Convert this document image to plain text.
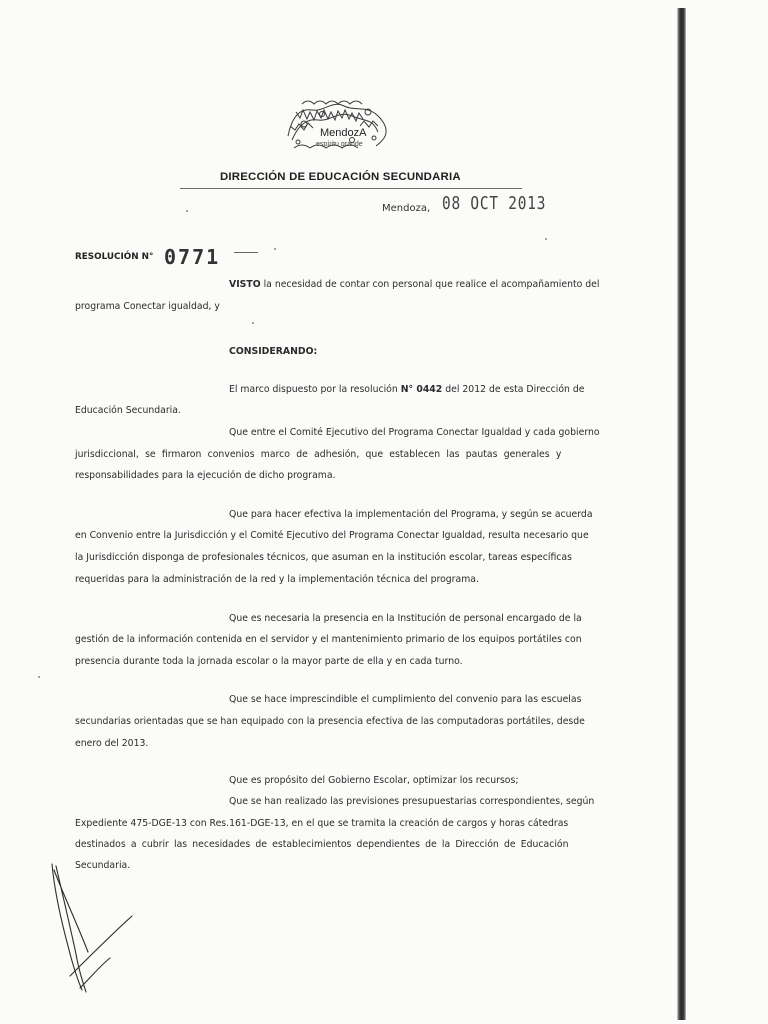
MendozA
espíritu grande
DIRECCIÓN DE EDUCACIÓN SECUNDARIA
Mendoza, 08 OCT 2013
RESOLUCIÓN N° 0771
VISTO la necesidad de contar con personal que realice el acompañamiento del
programa Conectar igualdad, y
CONSIDERANDO:
El marco dispuesto por la resolución N° 0442 del 2012 de esta Dirección de
Educación Secundaria.
Que entre el Comité Ejecutivo del Programa Conectar Igualdad y cada gobierno
jurisdiccional, se firmaron convenios marco de adhesión, que establecen las pautas generales y
responsabilidades para la ejecución de dicho programa.
Que para hacer efectiva la implementación del Programa, y según se acuerda
en Convenio entre la Jurisdicción y el Comité Ejecutivo del Programa Conectar Igualdad, resulta necesario que
la Jurisdicción disponga de profesionales técnicos, que asuman en la institución escolar, tareas específicas
requeridas para la administración de la red y la implementación técnica del programa.
Que es necesaria la presencia en la Institución de personal encargado de la
gestión de la información contenida en el servidor y el mantenimiento primario de los equipos portátiles con
presencia durante toda la jornada escolar o la mayor parte de ella y en cada turno.
Que se hace imprescindible el cumplimiento del convenio para las escuelas
secundarias orientadas que se han equipado con la presencia efectiva de las computadoras portátiles, desde
enero del 2013.
Que es propósito del Gobierno Escolar, optimizar los recursos;
Que se han realizado las previsiones presupuestarias correspondientes, según
Expediente 475-DGE-13 con Res.161-DGE-13, en el que se tramita la creación de cargos y horas cátedras
destinados a cubrir las necesidades de establecimientos dependientes de la Dirección de Educación
Secundaria.
